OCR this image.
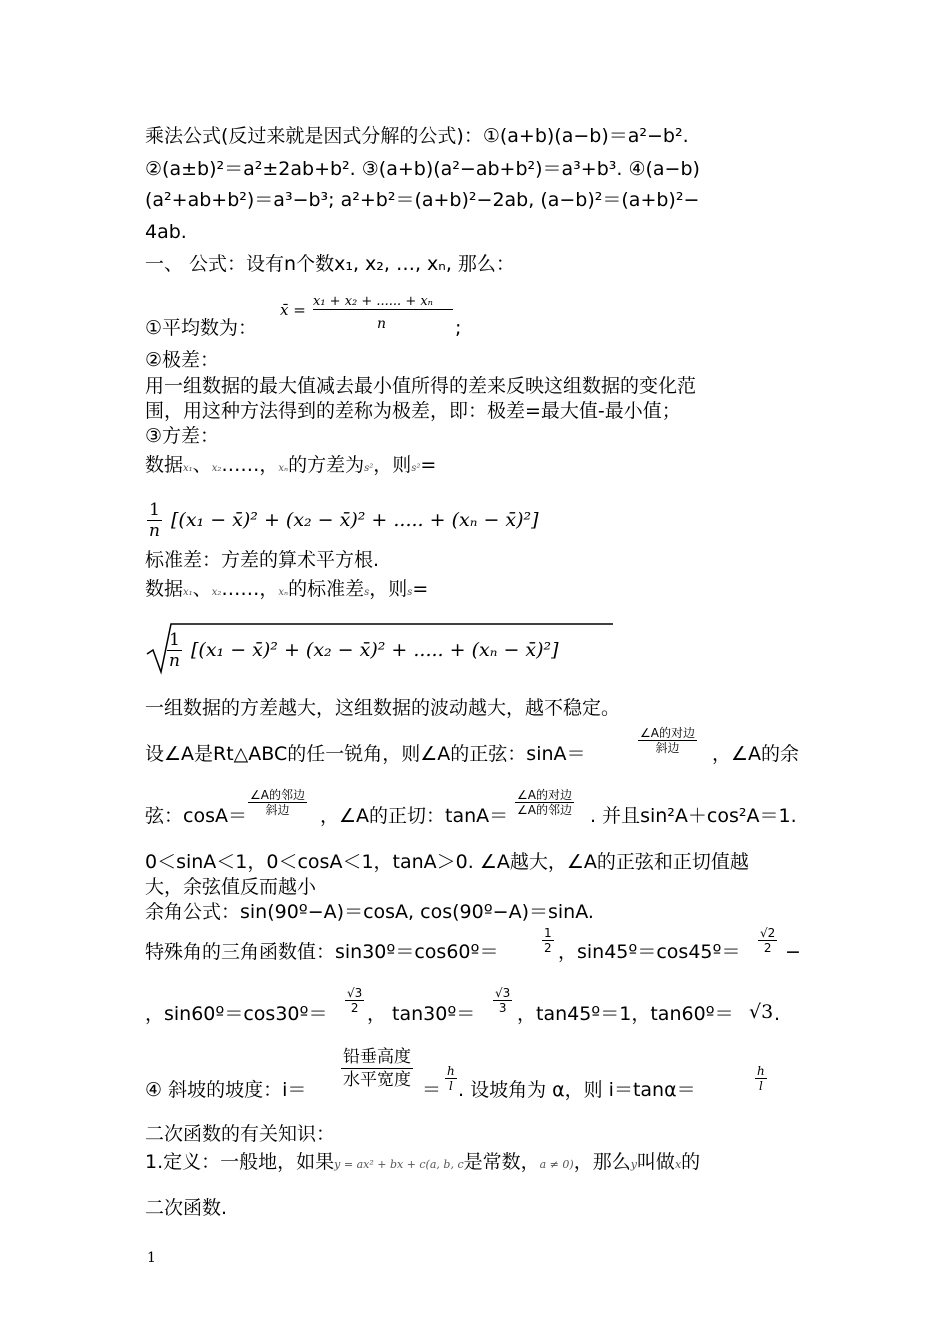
乘法公式(反过来就是因式分解的公式)：①(a+b)(a−b)＝a²−b².
②(a±b)²＝a²±2ab+b². ③(a+b)(a²−ab+b²)＝a³+b³. ④(a−b)
(a²+ab+b²)＝a³−b³; a²+b²＝(a+b)²−2ab, (a−b)²＝(a+b)²−
4ab.
一、 公式：设有n个数x₁, x₂, …, xₙ, 那么：
①平均数为：
x̄ = x₁ + x₂ + ...... + xₙ
n	;
②极差：
用一组数据的最大值减去最小值所得的差来反映这组数据的变化范
围，用这种方法得到的差称为极差，即：极差=最大值-最小值；
③方差：
数据x₁、x₂……，xₙ的方差为s²，则s²=
$\frac{1}{n} [(x_1$ − x̄)² + (x₂ − x̄)² + ..... + (xₙ − x̄)²]
标准差：方差的算术平方根.
数据x₁、x₂……，xₙ的标准差s，则s=
$\frac{1}{n} [(x_1$ − x̄)² + (x₂ − x̄)² + ..... + (xₙ − x̄)²]
一组数据的方差越大，这组数据的波动越大，越不稳定。
设∠A是Rt△ABC的任一锐角，则∠A的正弦：sinA＝
∠A的对边
斜边	，∠A的余
弦：cosA＝
∠A的邻边
斜边	，∠A的正切：tanA＝
∠A的对边
∠A的邻边 . 并且sin²A＋cos²A＝1.
0＜sinA＜1，0＜cosA＜1，tanA＞0. ∠A越大，∠A的正弦和正切值越
大，余弦值反而越小
余角公式：sin(90º−A)＝cosA, cos(90º−A)＝sinA.
特殊角的三角函数值：sin30º＝cos60º＝	$\frac{1}{2}$ ，sin45º＝cos45º＝ $\frac{√2}{2}$ −
，sin60º＝cos30º＝ $\frac{√3}{2}$ ， tan30º＝ $\frac{√3}{3}$ ，tan45º＝1，tan60º＝ √3 .
④ 斜坡的坡度：i＝
铅垂高度
水平宽度 ＝ $\frac{h}{l}$ . 设坡角为 α，则 i＝tanα＝	$\frac{h}{l}$
二次函数的有关知识：
1.定义：一般地，如果y = ax² + bx + c(a, b, c是常数，a ≠ 0)，那么y叫做x的
二次函数.
1
